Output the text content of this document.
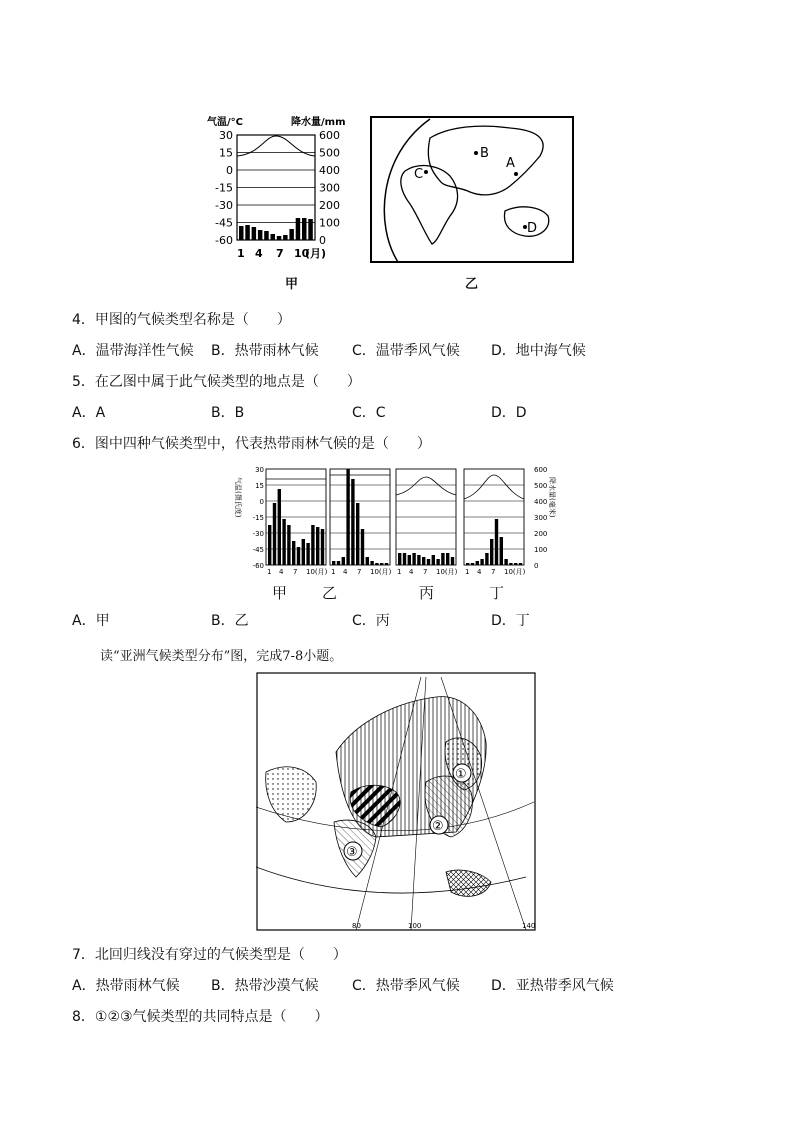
气温/°C	降水量/mm
30
15
0
-15
-30
-45
-60
600
500
400
300
200
100
0
1 4 7 10
(月)
甲
B
A
C
D
乙
4．甲图的气候类型名称是（　　）
A．温带海洋性气候 B．热带雨林气候 C．温带季风气候 D．地中海气候
5．在乙图中属于此气候类型的地点是（　　）
A．A	B．B	C．C	D．D
6．图中四种气候类型中，代表热带雨林气候的是（　　）
气温(摄氏度)	降水量(毫米)
30
15
0
-15
-30
-45
-60
600
500
400
300
200
100
0
1 4 7 10(月) 1 4 7 10(月) 1 4 7 10(月) 1 4 7 10(月)
甲 乙	丙	丁
A．甲	B．乙	C．丙	D．丁
读“亚洲气候类型分布”图，完成7-8小题。
①
②
③
80	100	140
7．北回归线没有穿过的气候类型是（　　）
A．热带雨林气候 B．热带沙漠气候 C．热带季风气候 D．亚热带季风气候
8．①②③气候类型的共同特点是（　　）
